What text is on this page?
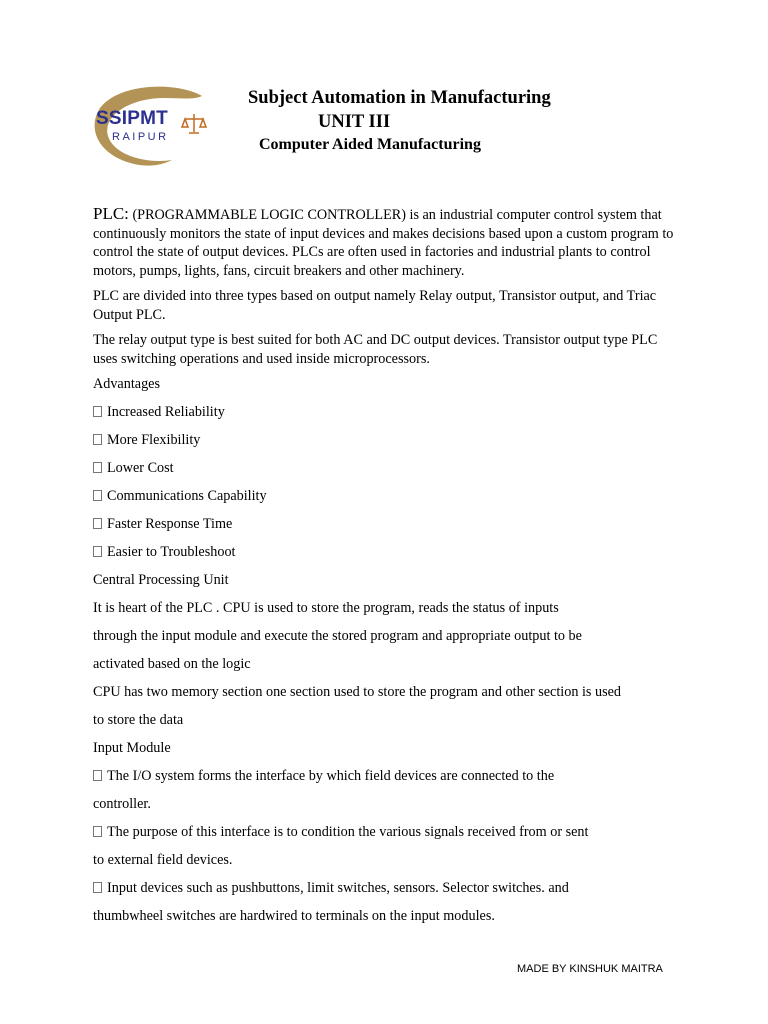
SSIPMT
RAIPUR
Subject Automation in Manufacturing
UNIT III
Computer Aided Manufacturing

PLC: (PROGRAMMABLE LOGIC CONTROLLER) is an industrial computer control system that continuously monitors the state of input devices and makes decisions based upon a custom program to control the state of output devices. PLCs are often used in factories and industrial plants to control motors, pumps, lights, fans, circuit breakers and other machinery.

PLC are divided into three types based on output namely Relay output, Transistor output, and Triac Output PLC.

The relay output type is best suited for both AC and DC output devices. Transistor output type PLC uses switching operations and used inside microprocessors.

Advantages
Increased Reliability
More Flexibility
Lower Cost
Communications Capability
Faster Response Time
Easier to Troubleshoot
Central Processing Unit
It is heart of the PLC . CPU is used to store the program, reads the status of inputs
through the input module and execute the stored program and appropriate output to be
activated based on the logic
CPU has two memory section one section used to store the program and other section is used
to store the data
Input Module
The I/O system forms the interface by which field devices are connected to the
controller.
The purpose of this interface is to condition the various signals received from or sent
to external field devices.
Input devices such as pushbuttons, limit switches, sensors. Selector switches. and
thumbwheel switches are hardwired to terminals on the input modules.
MADE BY KINSHUK MAITRA
